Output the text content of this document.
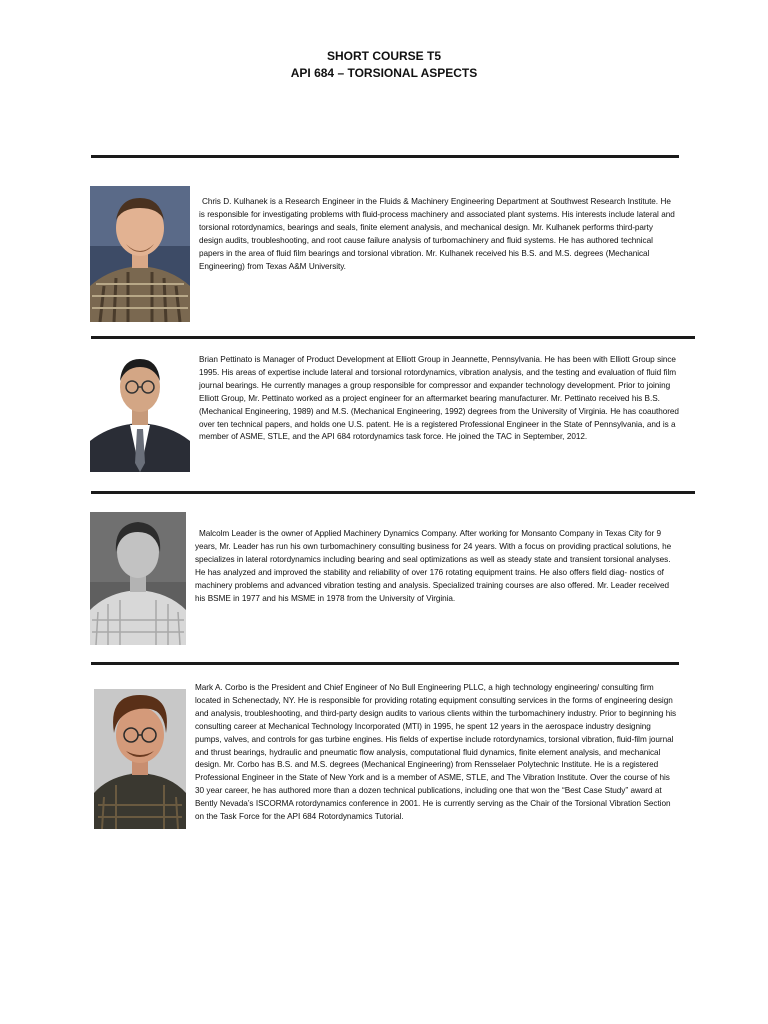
SHORT COURSE T5
API 684 – TORSIONAL ASPECTS
Chris D. Kulhanek is a Research Engineer in the Fluids & Machinery Engineering Department at Southwest Research Institute. He is responsible for investigating problems with fluid-process machinery and associated plant systems. His interests include lateral and torsional rotordynamics, bearings and seals, finite element analysis, and mechanical design. Mr. Kulhanek performs third-party design audits, troubleshooting, and root cause failure analysis of turbomachinery and fluid systems. He has authored technical papers in the area of fluid film bearings and torsional vibration. Mr. Kulhanek received his B.S. and M.S. degrees (Mechanical Engineering) from Texas A&M University.
Brian Pettinato is Manager of Product Development at Elliott Group in Jeannette, Pennsylvania. He has been with Elliott Group since 1995. His areas of expertise include lateral and torsional rotordynamics, vibration analysis, and the testing and evaluation of fluid film journal bearings. He currently manages a group responsible for compressor and expander technology development. Prior to joining Elliott Group, Mr. Pettinato worked as a project engineer for an aftermarket bearing manufacturer. Mr. Pettinato received his B.S. (Mechanical Engineering, 1989) and M.S. (Mechanical Engineering, 1992) degrees from the University of Virginia. He has coauthored over ten technical papers, and holds one U.S. patent. He is a registered Professional Engineer in the State of Pennsylvania, and is a member of ASME, STLE, and the API 684 rotordynamics task force. He joined the TAC in September, 2012.
Malcolm Leader is the owner of Applied Machinery Dynamics Company. After working for Monsanto Company in Texas City for 9 years, Mr. Leader has run his own turbomachinery consulting business for 24 years. With a focus on providing practical solutions, he specializes in lateral rotordynamics including bearing and seal optimizations as well as steady state and transient torsional analyses. He has analyzed and improved the stability and reliability of over 176 rotating equipment trains. He also offers field diag- nostics of machinery problems and advanced vibration testing and analysis. Specialized training courses are also offered. Mr. Leader received his BSME in 1977 and his MSME in 1978 from the University of Virginia.
Mark A. Corbo is the President and Chief Engineer of No Bull Engineering PLLC, a high technology engineering/ consulting firm located in Schenectady, NY. He is responsible for providing rotating equipment consulting services in the forms of engineering design and analysis, troubleshooting, and third-party design audits to various clients within the turbomachinery industry. Prior to beginning his consulting career at Mechanical Technology Incorporated (MTI) in 1995, he spent 12 years in the aerospace industry designing pumps, valves, and controls for gas turbine engines. His fields of expertise include rotordynamics, torsional vibration, fluid-film journal and thrust bearings, hydraulic and pneumatic flow analysis, computational fluid dynamics, finite element analysis, and mechanical design. Mr. Corbo has B.S. and M.S. degrees (Mechanical Engineering) from Rensselaer Polytechnic Institute. He is a registered Professional Engineer in the State of New York and is a member of ASME, STLE, and The Vibration Institute. Over the course of his 30 year career, he has authored more than a dozen technical publications, including one that won the “Best Case Study” award at Bently Nevada’s ISCORMA rotordynamics conference in 2001. He is currently serving as the Chair of the Torsional Vibration Section on the Task Force for the API 684 Rotordynamics Tutorial.
